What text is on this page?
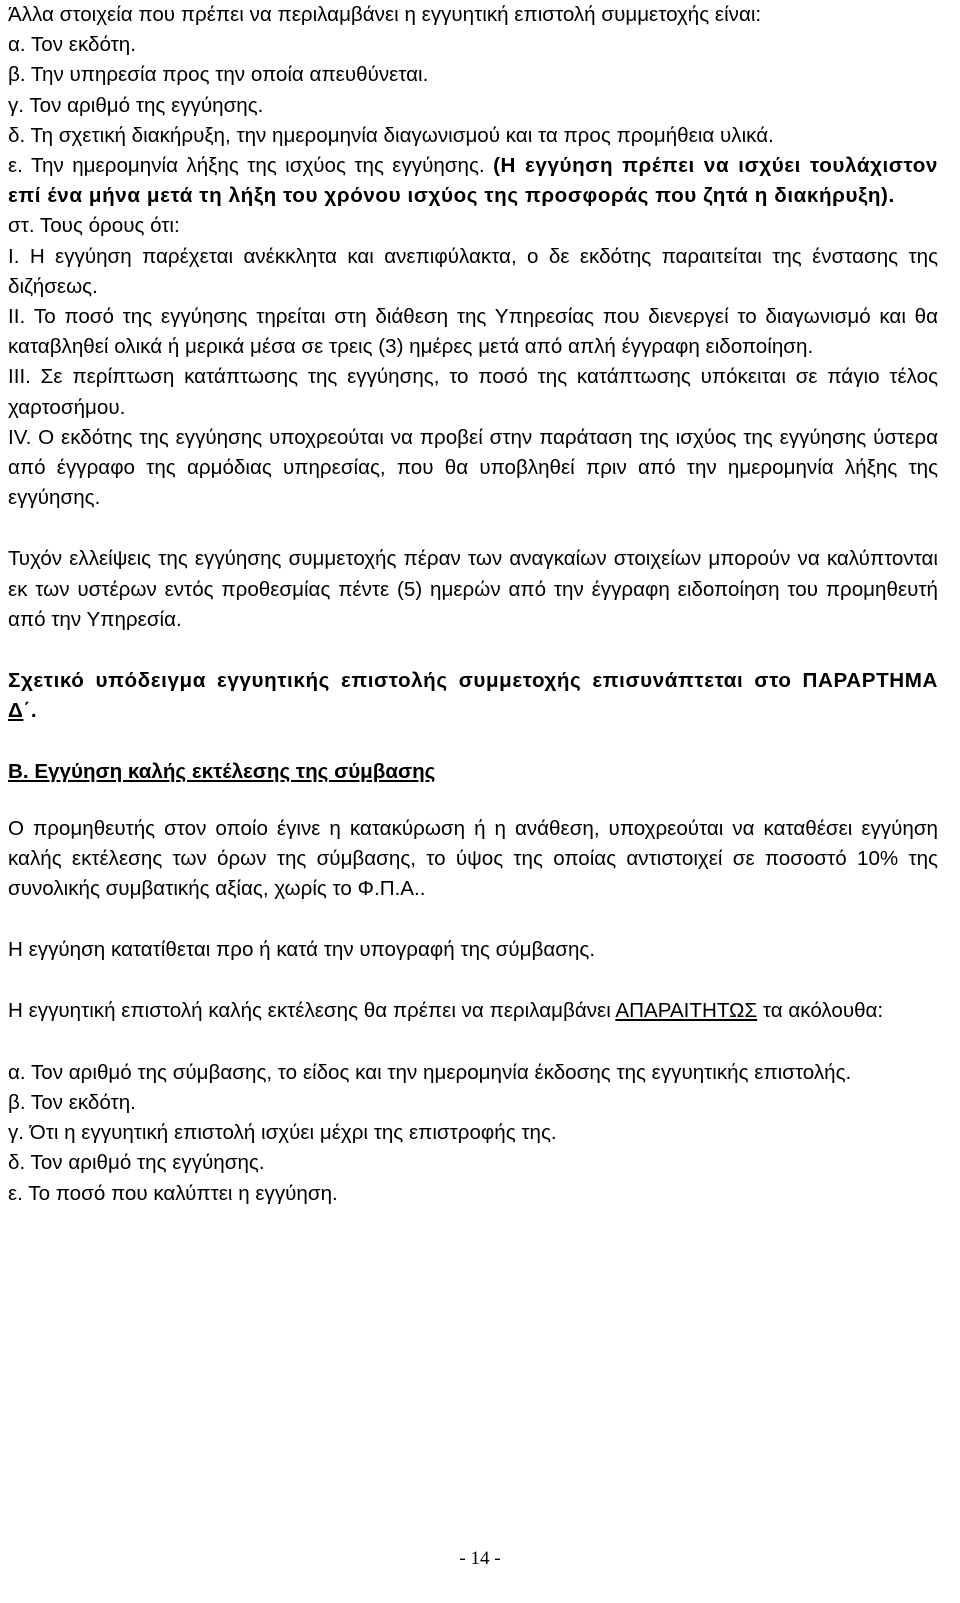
Άλλα στοιχεία που πρέπει να περιλαμβάνει η εγγυητική επιστολή συμμετοχής είναι:

α. Τον εκδότη.

β. Την υπηρεσία προς την οποία απευθύνεται.

γ. Τον αριθμό της εγγύησης.

δ. Τη σχετική διακήρυξη, την ημερομηνία διαγωνισμού και τα προς προμήθεια υλικά.

ε. Την ημερομηνία λήξης της ισχύος της εγγύησης. (Η εγγύηση πρέπει να ισχύει τουλάχιστον επί ένα μήνα μετά τη λήξη του χρόνου ισχύος της προσφοράς που ζητά η διακήρυξη).

στ. Τους όρους ότι:

I. Η εγγύηση παρέχεται ανέκκλητα και ανεπιφύλακτα, ο δε εκδότης παραιτείται της ένστασης της διζήσεως.

II. Το ποσό της εγγύησης τηρείται στη διάθεση της Υπηρεσίας που διενεργεί το διαγωνισμό και θα καταβληθεί ολικά ή μερικά μέσα σε τρεις (3) ημέρες μετά από απλή έγγραφη ειδοποίηση.

III. Σε περίπτωση κατάπτωσης της εγγύησης, το ποσό της κατάπτωσης υπόκειται σε πάγιο τέλος χαρτοσήμου.

IV. Ο εκδότης της εγγύησης υποχρεούται να προβεί στην παράταση της ισχύος της εγγύησης ύστερα από έγγραφο της αρμόδιας υπηρεσίας, που θα υποβληθεί πριν από την ημερομηνία λήξης της εγγύησης.

Τυχόν ελλείψεις της εγγύησης συμμετοχής πέραν των αναγκαίων στοιχείων μπορούν να καλύπτονται εκ των υστέρων εντός προθεσμίας πέντε (5) ημερών από την έγγραφη ειδοποίηση του προμηθευτή από την Υπηρεσία.

Σχετικό υπόδειγμα εγγυητικής επιστολής συμμετοχής επισυνάπτεται στο ΠΑΡΑΡΤΗΜΑ Δ΄.

Β. Εγγύηση καλής εκτέλεσης της σύμβασης

Ο προμηθευτής στον οποίο έγινε η κατακύρωση ή η ανάθεση, υποχρεούται να καταθέσει εγγύηση καλής εκτέλεσης των όρων της σύμβασης, το ύψος της οποίας αντιστοιχεί σε ποσοστό 10% της συνολικής συμβατικής αξίας, χωρίς το Φ.Π.Α..

Η εγγύηση κατατίθεται προ ή κατά την υπογραφή της σύμβασης.

Η εγγυητική επιστολή καλής εκτέλεσης θα πρέπει να περιλαμβάνει ΑΠΑΡΑΙΤΗΤΩΣ τα ακόλουθα:

α. Τον αριθμό της σύμβασης, το είδος και την ημερομηνία έκδοσης της εγγυητικής επιστολής.

β. Τον εκδότη.

γ. Ότι η εγγυητική επιστολή ισχύει μέχρι της επιστροφής της.

δ. Τον αριθμό της εγγύησης.

ε. Το ποσό που καλύπτει η εγγύηση.

- 14 -
